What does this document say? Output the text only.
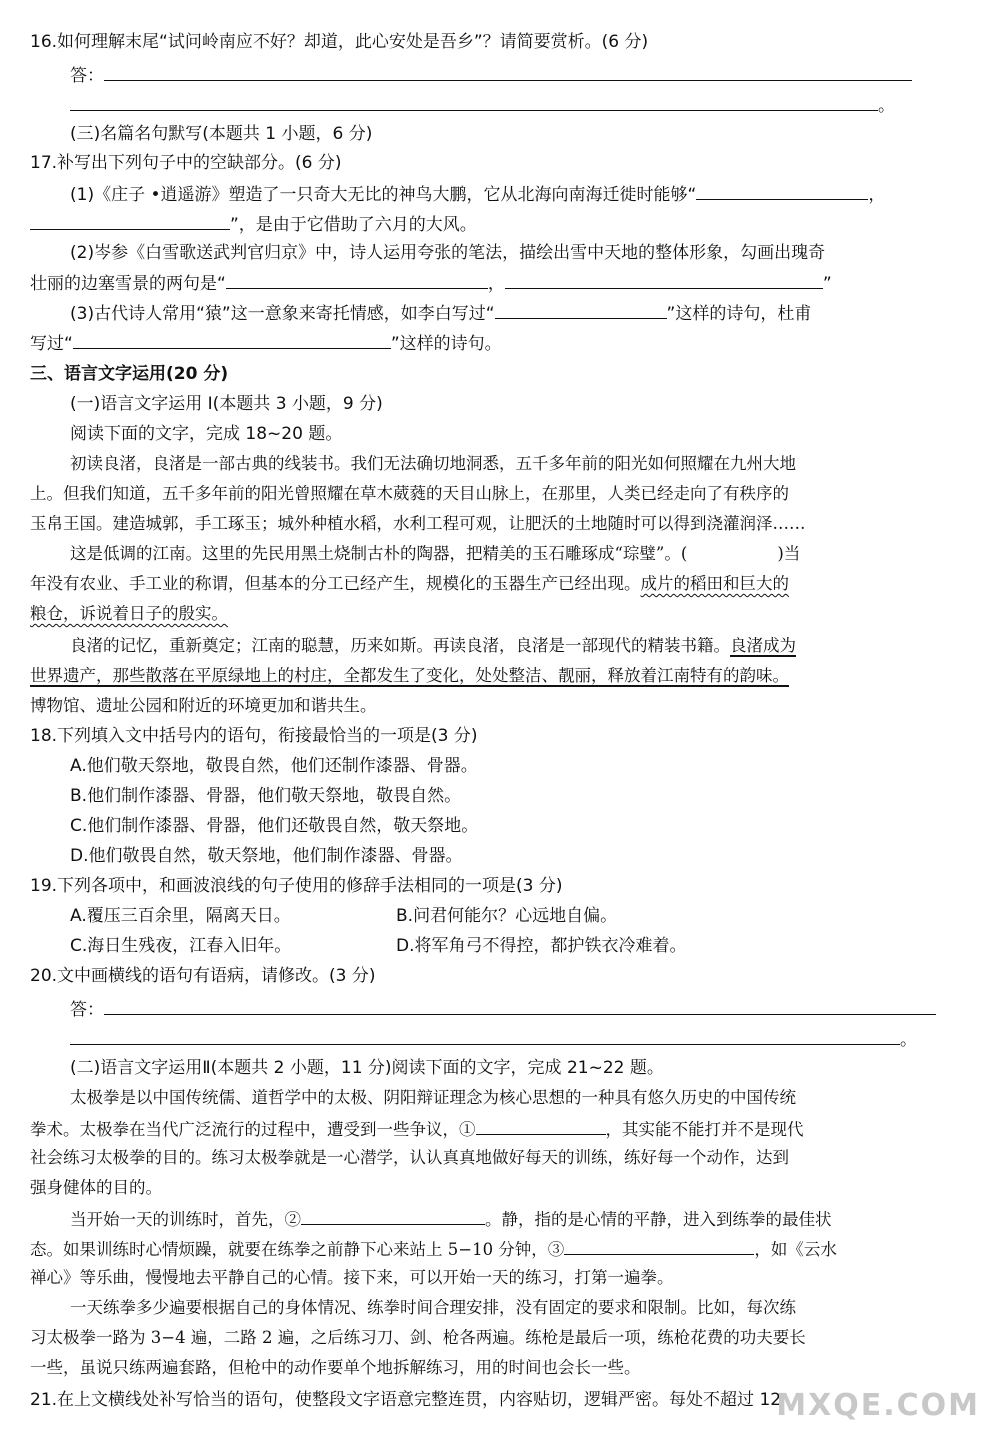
16.如何理解末尾“试问岭南应不好？却道，此心安处是吾乡”？请简要赏析。(6 分)
答：
。
(三)名篇名句默写(本题共 1 小题，6 分)
17.补写出下列句子中的空缺部分。(6 分)
(1)《庄子 •逍遥游》塑造了一只奇大无比的神鸟大鹏，它从北海向南海迁徙时能够“	，
”，是由于它借助了六月的大风。
(2)岑参《白雪歌送武判官归京》中，诗人运用夸张的笔法，描绘出雪中天地的整体形象，勾画出瑰奇
壮丽的边塞雪景的两句是“	，	”
(3)古代诗人常用“猿”这一意象来寄托情感，如李白写过“	”这样的诗句，杜甫
写过“	”这样的诗句。
三、语言文字运用(20 分)
(一)语言文字运用 Ⅰ(本题共 3 小题，9 分)
阅读下面的文字，完成 18~20 题。
初读良渚，良渚是一部古典的线装书。我们无法确切地洞悉，五千多年前的阳光如何照耀在九州大地
上。但我们知道，五千多年前的阳光曾照耀在草木葳蕤的天目山脉上，在那里，人类已经走向了有秩序的
玉帛王国。建造城郭，手工琢玉；城外种植水稻，水利工程可观，让肥沃的土地随时可以得到浇灌润泽……
这是低调的江南。这里的先民用黑土烧制古朴的陶器，把精美的玉石雕琢成“琮璧”。(	)当
年没有农业、手工业的称谓，但基本的分工已经产生，规模化的玉器生产已经出现。成片的稻田和巨大的
粮仓，诉说着日子的殷实。
良渚的记忆，重新奠定；江南的聪慧，历来如斯。再读良渚，良渚是一部现代的精装书籍。良渚成为
世界遗产，那些散落在平原绿地上的村庄，全都发生了变化，处处整洁、靓丽，释放着江南特有的韵味。
博物馆、遗址公园和附近的环境更加和谐共生。
18.下列填入文中括号内的语句，衔接最恰当的一项是(3 分)
A.他们敬天祭地，敬畏自然，他们还制作漆器、骨器。
B.他们制作漆器、骨器，他们敬天祭地，敬畏自然。
C.他们制作漆器、骨器，他们还敬畏自然，敬天祭地。
D.他们敬畏自然，敬天祭地，他们制作漆器、骨器。
19.下列各项中，和画波浪线的句子使用的修辞手法相同的一项是(3 分)
A.覆压三百余里，隔离天日。	B.问君何能尔？心远地自偏。
C.海日生残夜，江春入旧年。	D.将军角弓不得控，都护铁衣冷难着。
20.文中画横线的语句有语病，请修改。(3 分)
答：
。
(二)语言文字运用Ⅱ(本题共 2 小题，11 分)阅读下面的文字，完成 21~22 题。
太极拳是以中国传统儒、道哲学中的太极、阴阳辩证理念为核心思想的一种具有悠久历史的中国传统
拳术。太极拳在当代广泛流行的过程中，遭受到一些争议，①	，其实能不能打并不是现代
社会练习太极拳的目的。练习太极拳就是一心潜学，认认真真地做好每天的训练，练好每一个动作，达到
强身健体的目的。
当开始一天的训练时，首先，②	。静，指的是心情的平静，进入到练拳的最佳状
态。如果训练时心情烦躁，就要在练拳之前静下心来站上 5−10 分钟，③	，如《云水
禅心》等乐曲，慢慢地去平静自己的心情。接下来，可以开始一天的练习，打第一遍拳。
一天练拳多少遍要根据自己的身体情况、练拳时间合理安排，没有固定的要求和限制。比如，每次练
习太极拳一路为 3−4 遍，二路 2 遍，之后练习刀、剑、枪各两遍。练枪是最后一项，练枪花费的功夫要长
一些，虽说只练两遍套路，但枪中的动作要单个地拆解练习，用的时间也会长一些。
21.在上文横线处补写恰当的语句，使整段文字语意完整连贯，内容贴切，逻辑严密。每处不超过 12
MXQE.COM
